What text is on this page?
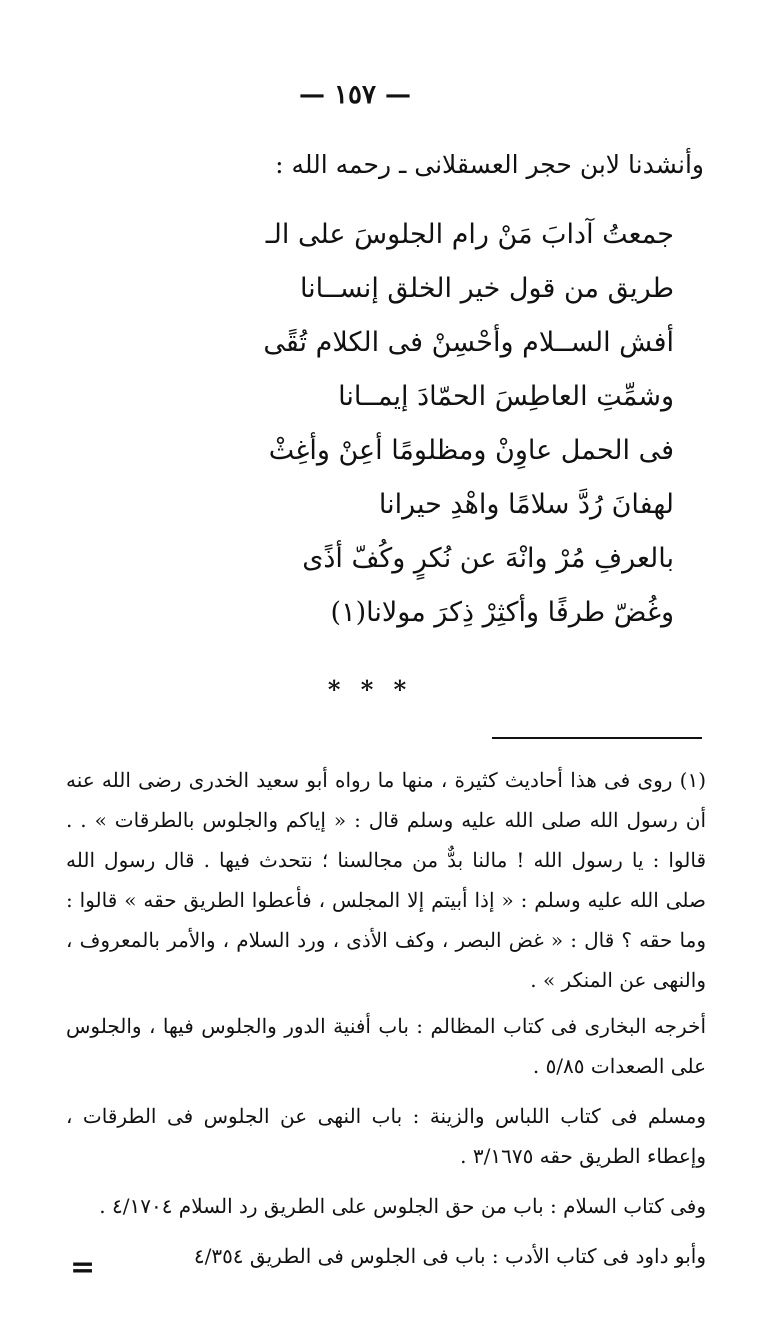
— ١٥٧ —
وأنشدنا لابن حجر العسقلانى ـ رحمه الله :
جمعتُ آدابَ مَنْ رام الجلوسَ على الـ
طريق من قول خير الخلق إنســانا
أفش الســلام وأحْسِنْ فى الكلام تُقًى
وشمِّتِ العاطِسَ الحمّادَ إيمــانا
فى الحمل عاوِنْ ومظلومًا أعِنْ وأغِثْ
لهفانَ رُدَّ سلامًا واهْدِ حيرانا
بالعرفِ مُرْ وانْهَ عن نُكرٍ وكُفّ أذًى
وغُضّ طرفًا وأكثِرْ ذِكرَ مولانا(١)
* * *

(١) روى فى هذا أحاديث كثيرة ، منها ما رواه أبو سعيد الخدرى رضى الله عنه أن رسول الله صلى الله عليه وسلم قال : « إياكم والجلوس بالطرقات » . . قالوا : يا رسول الله ! مالنا بدٌّ من مجالسنا ؛ نتحدث فيها . قال رسول الله صلى الله عليه وسلم : « إذا أبيتم إلا المجلس ، فأعطوا الطريق حقه » قالوا : وما حقه ؟ قال : « غض البصر ، وكف الأذى ، ورد السلام ، والأمر بالمعروف ، والنهى عن المنكر » .

أخرجه البخارى فى كتاب المظالم : باب أفنية الدور والجلوس فيها ، والجلوس على الصعدات ٥/٨٥ .

ومسلم فى كتاب اللباس والزينة : باب النهى عن الجلوس فى الطرقات ، وإعطاء الطريق حقه ٣/١٦٧٥ .

وفى كتاب السلام : باب من حق الجلوس على الطريق رد السلام ٤/١٧٠٤ .

وأبو داود فى كتاب الأدب : باب فى الجلوس فى الطريق ٤/٣٥٤

=
